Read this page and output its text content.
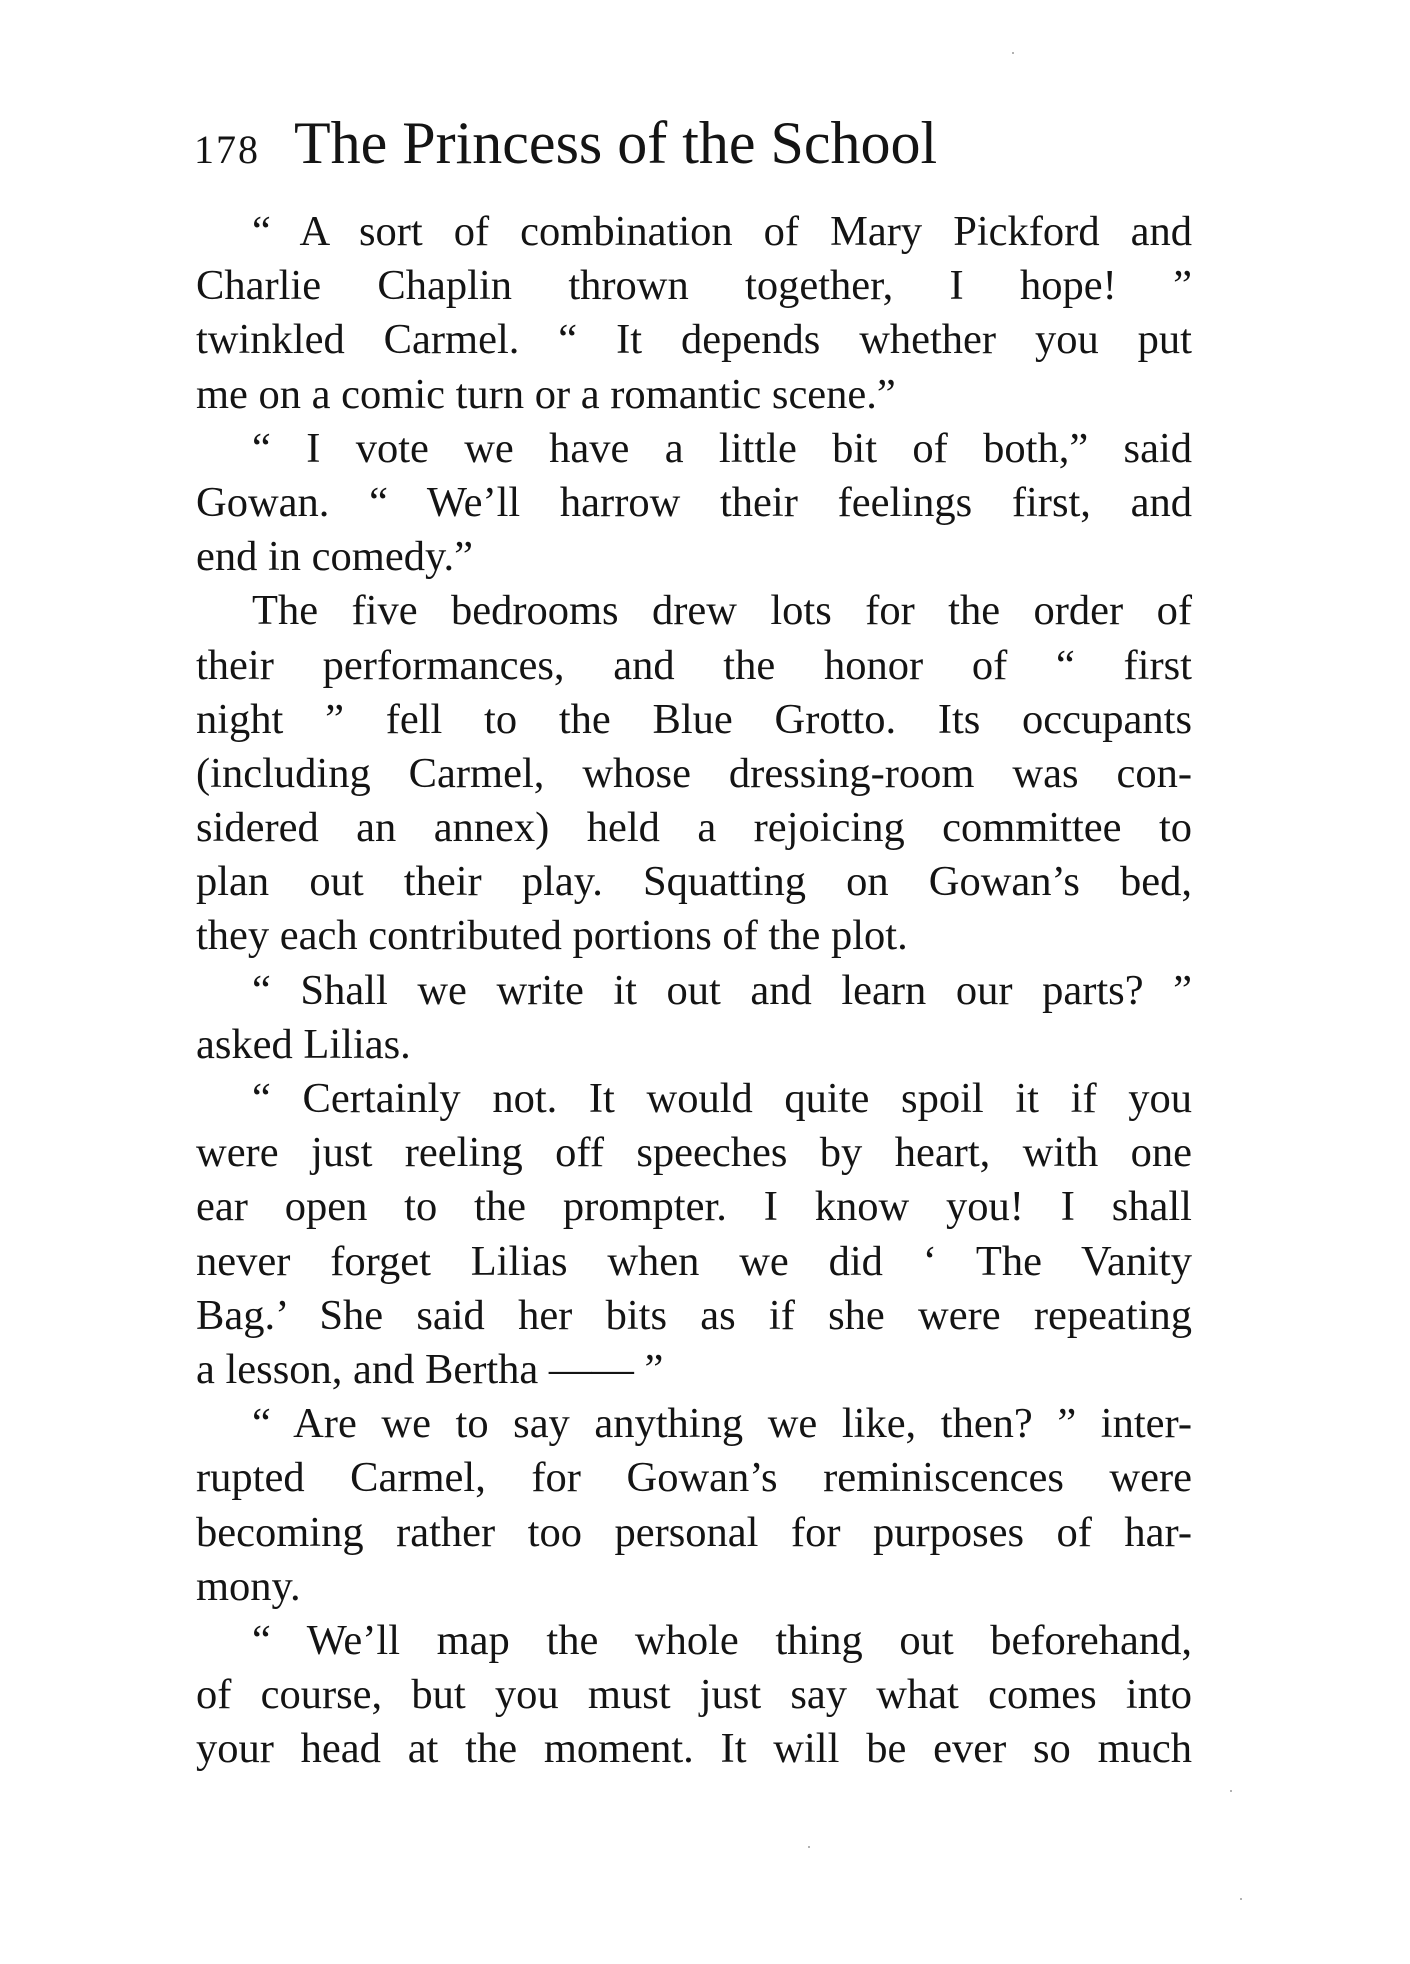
178 The Princess of the School
“ A sort of combination of Mary Pickford and
Charlie Chaplin thrown together, I hope! ”
twinkled Carmel. “ It depends whether you put
me on a comic turn or a romantic scene.”
“ I vote we have a little bit of both,” said
Gowan. “ We’ll harrow their feelings first, and
end in comedy.”
The five bedrooms drew lots for the order of
their performances, and the honor of “ first
night ” fell to the Blue Grotto. Its occupants
(including Carmel, whose dressing-room was con-
sidered an annex) held a rejoicing committee to
plan out their play. Squatting on Gowan’s bed,
they each contributed portions of the plot.
“ Shall we write it out and learn our parts? ”
asked Lilias.
“ Certainly not. It would quite spoil it if you
were just reeling off speeches by heart, with one
ear open to the prompter. I know you! I shall
never forget Lilias when we did ‘ The Vanity
Bag.’ She said her bits as if she were repeating
a lesson, and Bertha —— ”
“ Are we to say anything we like, then? ” inter-
rupted Carmel, for Gowan’s reminiscences were
becoming rather too personal for purposes of har-
mony.
“ We’ll map the whole thing out beforehand,
of course, but you must just say what comes into
your head at the moment. It will be ever so much
